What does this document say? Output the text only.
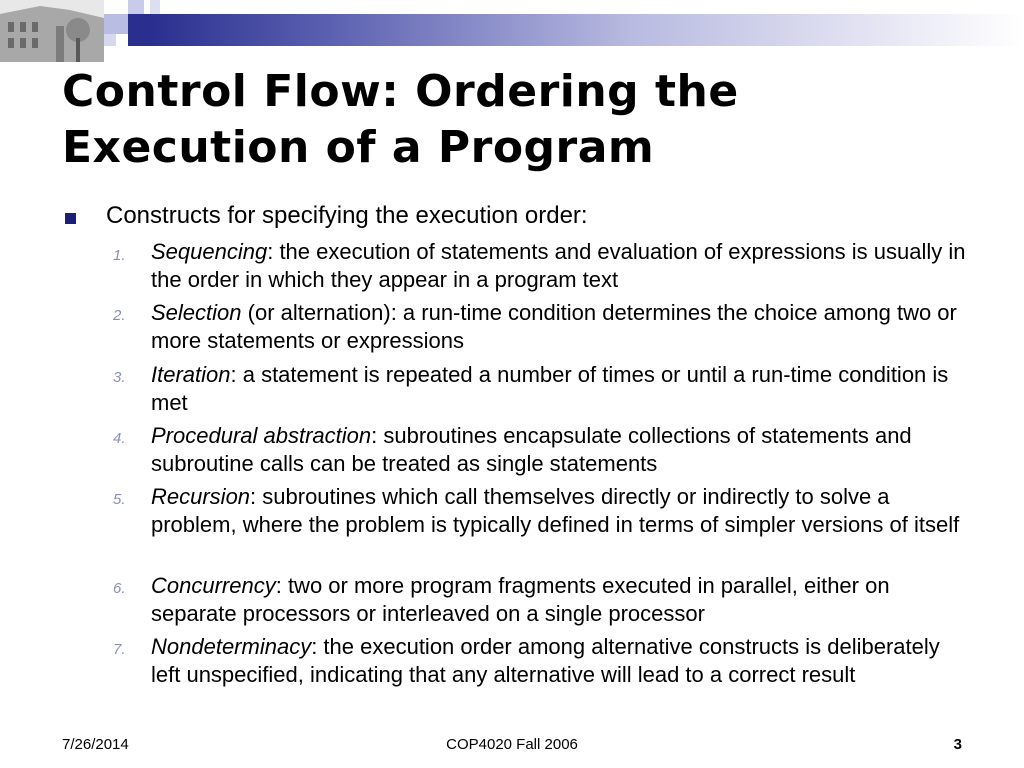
Control Flow: Ordering the
Execution of a Program
Constructs for specifying the execution order:
1.	Sequencing: the execution of statements and evaluation of expressions is usually in the order in which they appear in a program text
2.	Selection (or alternation): a run-time condition determines the choice among two or more statements or expressions
3.	Iteration: a statement is repeated a number of times or until a run-time condition is met
4.	Procedural abstraction: subroutines encapsulate collections of statements and subroutine calls can be treated as single statements
5.	Recursion: subroutines which call themselves directly or indirectly to solve a problem, where the problem is typically defined in terms of simpler versions of itself
6.	Concurrency: two or more program fragments executed in parallel, either on separate processors or interleaved on a single processor
7.	Nondeterminacy: the execution order among alternative constructs is deliberately left unspecified, indicating that any alternative will lead to a correct result
7/26/2014	COP4020 Fall 2006	3
